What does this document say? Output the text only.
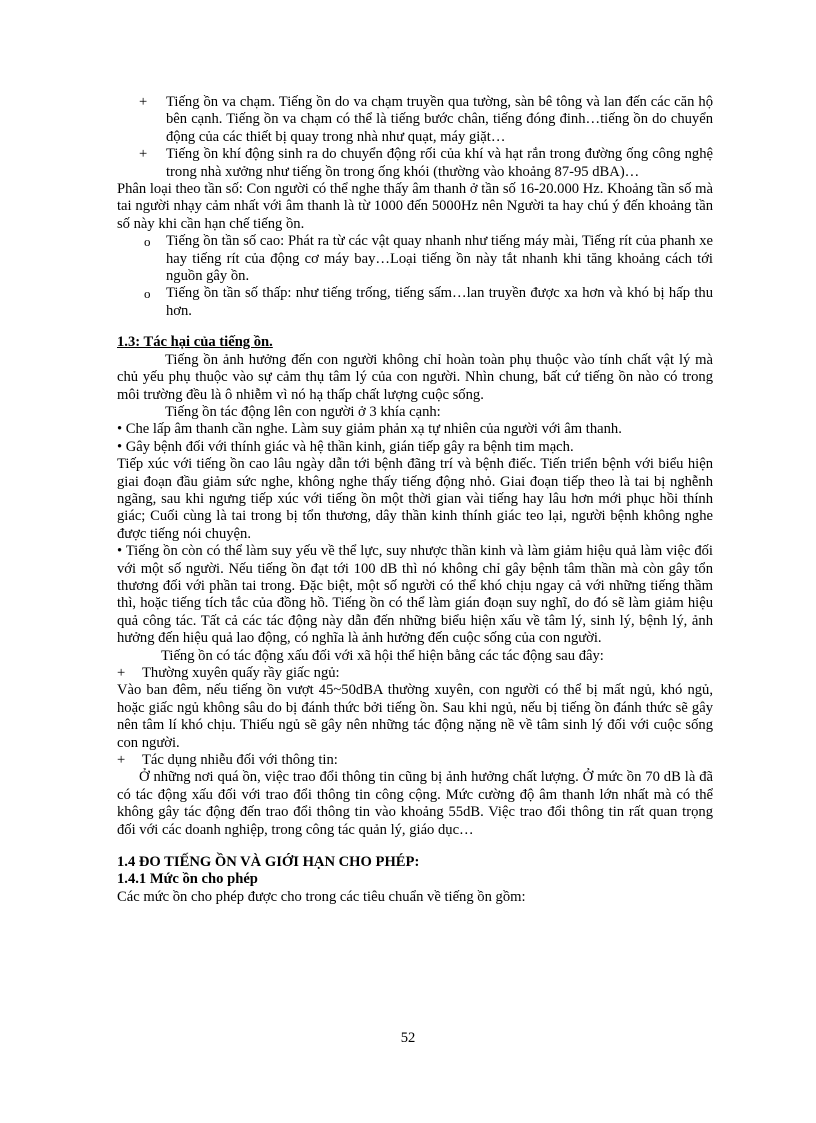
+ Tiếng ồn va chạm. Tiếng ồn do va chạm truyền qua tường, sàn bê tông và lan đến các căn hộ bên cạnh. Tiếng ồn va chạm có thể là tiếng bước chân, tiếng đóng đinh…tiếng ồn do chuyển động của các thiết bị quay trong nhà như quạt, máy giặt…

+ Tiếng ồn khí động sinh ra do chuyển động rối của khí và hạt rắn trong đường ống công nghệ trong nhà xưởng như tiếng ồn trong ống khói (thường vào khoảng 87-95 dBA)…

Phân loại theo tần số: Con người có thể nghe thấy âm thanh ở tần số 16-20.000 Hz. Khoảng tần số mà tai người nhạy cảm nhất với âm thanh là từ 1000 đến 5000Hz nên Người ta hay chú ý đến khoảng tần số này khi cần hạn chế tiếng ồn.

o Tiếng ồn tần số cao: Phát ra từ các vật quay nhanh như tiếng máy mài, Tiếng rít của phanh xe hay tiếng rít của động cơ máy bay…Loại tiếng ồn này tắt nhanh khi tăng khoảng cách tới nguồn gây ồn.

o Tiếng ồn tần số thấp: như tiếng trống, tiếng sấm…lan truyền được xa hơn và khó bị hấp thu hơn.

1.3: Tác hại của tiếng ồn.

Tiếng ồn ảnh hưởng đến con người không chỉ hoàn toàn phụ thuộc vào tính chất vật lý mà chủ yếu phụ thuộc vào sự cảm thụ tâm lý của con người. Nhìn chung, bất cứ tiếng ồn nào có trong môi trường đều là ô nhiễm vì nó hạ thấp chất lượng cuộc sống.

Tiếng ồn tác động lên con người ở 3 khía cạnh:

• Che lấp âm thanh cần nghe. Làm suy giảm phản xạ tự nhiên của người với âm thanh.

• Gây bệnh đối với thính giác và hệ thần kinh, gián tiếp gây ra bệnh tim mạch.

Tiếp xúc với tiếng ồn cao lâu ngày dẫn tới bệnh đãng trí và bệnh điếc. Tiến triển bệnh với biểu hiện giai đoạn đầu giảm sức nghe, không nghe thấy tiếng động nhỏ. Giai đoạn tiếp theo là tai bị nghễnh ngãng, sau khi ngưng tiếp xúc với tiếng ồn một thời gian vài tiếng hay lâu hơn mới phục hồi thính giác; Cuối cùng là tai trong bị tổn thương, dây thần kinh thính giác teo lại, người bệnh không nghe được tiếng nói chuyện.

• Tiếng ồn còn có thể làm suy yếu về thể lực, suy nhược thần kinh và làm giảm hiệu quả làm việc đối với một số người. Nếu tiếng ồn đạt tới 100 dB thì nó không chỉ gây bệnh tâm thần mà còn gây tổn thương đối với phần tai trong. Đặc biệt, một số người có thể khó chịu ngay cả với những tiếng thầm thì, hoặc tiếng tích tắc của đồng hồ. Tiếng ồn có thể làm gián đoạn suy nghĩ, do đó sẽ làm giảm hiệu quả công tác. Tất cả các tác động này dẫn đến những biểu hiện xấu về tâm lý, sinh lý, bệnh lý, ảnh hưởng đến hiệu quả lao động, có nghĩa là ảnh hưởng đến cuộc sống của con người.

Tiếng ồn có tác động xấu đối với xã hội thể hiện bằng các tác động sau đây:

+ Thường xuyên quấy rầy giấc ngủ:

Vào ban đêm, nếu tiếng ồn vượt 45~50dBA thường xuyên, con người có thể bị mất ngủ, khó ngủ, hoặc giấc ngủ không sâu do bị đánh thức bởi tiếng ồn. Sau khi ngủ, nếu bị tiếng ồn đánh thức sẽ gây nên tâm lí khó chịu. Thiếu ngủ sẽ gây nên những tác động nặng nề về tâm sinh lý đối với cuộc sống con người.

+ Tác dụng nhiễu đối với thông tin:

Ở những nơi quá ồn, việc trao đổi thông tin cũng bị ảnh hưởng chất lượng. Ở mức ồn 70 dB là đã có tác động xấu đối với trao đổi thông tin công cộng. Mức cường độ âm thanh lớn nhất mà có thể không gây tác động đến trao đổi thông tin vào khoảng 55dB. Việc trao đổi thông tin rất quan trọng đối với các doanh nghiệp, trong công tác quản lý, giáo dục…

1.4 ĐO TIẾNG ỒN VÀ GIỚI HẠN CHO PHÉP:

1.4.1 Mức ồn cho phép

Các mức ồn cho phép được cho trong các tiêu chuẩn về tiếng ồn gồm:

52
